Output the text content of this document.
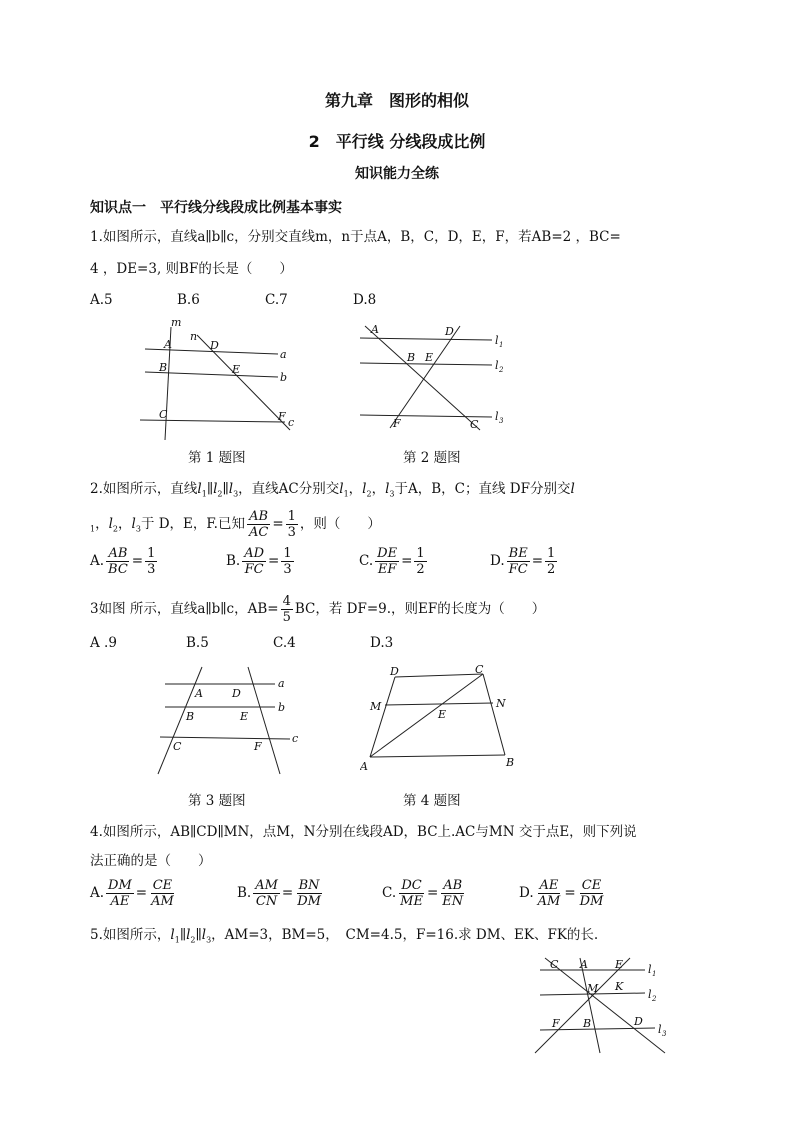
第九章　图形的相似
2　平行线 分线段成比例
知识能力全练
知识点一　平行线分线段成比例基本事实
1.如图所示，直线a∥b∥c，分别交直线m，n于点A，B，C，D，E，F，若AB=2 ，BC=
4 ，DE=3, 则BF的长是（　　）
A.5	B.6	C.7	D.8
m
n
A	D
a
B	E
b
C	F c
第 1 题图
A	D
l 1
B E
l 2
F	C
l 3
第 2 题图
2.如图所示，直线$l_1\parallel l_2\parallel l_3$，直线AC分别交$l_1$，$l_2$，$l_3$于A，B，C；直线 DF分别交l
$_1$，$l_2$，$l_3$于 D，E，F.已知 $\frac{AB}{AC} = \frac{1}{3}$ ，则（　　）
A. $\frac{AB}{BC} = \frac{1}{3}$	B. $\frac{AD}{FC} = \frac{1}{3}$	C. $\frac{DE}{EF} = \frac{1}{2}$	D. $\frac{BE}{FC} = \frac{1}{2}$
3如图 所示，直线a∥b∥c，$AB= \frac{4}{5}$ BC，若 DF=9.，则EF的长度为（　　）
A .9	B.5	C.4	D.3
a
A	D
B	E
b
C	F
c
第 3 题图
D	C
M	N
E
A	B
第 4 题图
4.如图所示，AB∥CD∥MN，点M，N分别在线段AD，BC上.AC与MN 交于点E，则下列说
法正确的是（　　）
A. $\frac{DM}{AE} = \frac{CE}{AM}$	B. $\frac{AM}{CN} = \frac{BN}{DM}$	C. $\frac{DC}{ME} = \frac{AB}{EN}$	D. $\frac{AE}{AM} = \frac{CE}{DM}$
5.如图所示，$l_1\parallel l_2\parallel l_3$，AM=3，BM=5，　CM=4.5，F=16.求 DM、EK、FK的长.
C A E l 1
M K
l 2
F B	D
l 3
